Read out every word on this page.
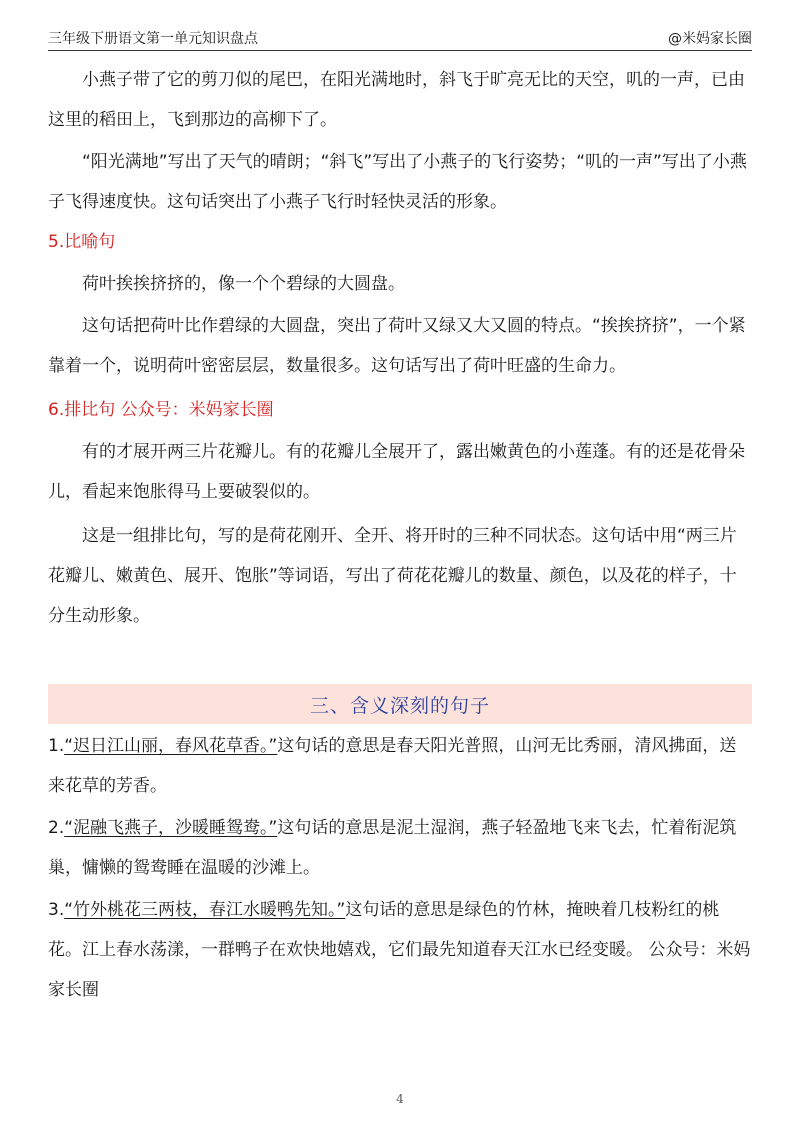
三年级下册语文第一单元知识盘点	@米妈家长圈

小燕子带了它的剪刀似的尾巴，在阳光满地时，斜飞于旷亮无比的天空，叽的一声，已由这里的稻田上，飞到那边的高柳下了。

“阳光满地”写出了天气的晴朗；“斜飞”写出了小燕子的飞行姿势；“叽的一声”写出了小燕子飞得速度快。这句话突出了小燕子飞行时轻快灵活的形象。

5.比喻句

荷叶挨挨挤挤的，像一个个碧绿的大圆盘。

这句话把荷叶比作碧绿的大圆盘，突出了荷叶又绿又大又圆的特点。“挨挨挤挤”，一个紧靠着一个，说明荷叶密密层层，数量很多。这句话写出了荷叶旺盛的生命力。

6.排比句 公众号：米妈家长圈

有的才展开两三片花瓣儿。有的花瓣儿全展开了，露出嫩黄色的小莲蓬。有的还是花骨朵儿，看起来饱胀得马上要破裂似的。

这是一组排比句，写的是荷花刚开、全开、将开时的三种不同状态。这句话中用“两三片花瓣儿、嫩黄色、展开、饱胀”等词语，写出了荷花花瓣儿的数量、颜色，以及花的样子，十分生动形象。

三、含义深刻的句子

1.“迟日江山丽，春风花草香。”这句话的意思是春天阳光普照，山河无比秀丽，清风拂面，送来花草的芳香。

2.“泥融飞燕子，沙暖睡鸳鸯。”这句话的意思是泥土湿润，燕子轻盈地飞来飞去，忙着衔泥筑巢，慵懒的鸳鸯睡在温暖的沙滩上。

3.“竹外桃花三两枝，春江水暖鸭先知。”这句话的意思是绿色的竹林，掩映着几枝粉红的桃花。江上春水荡漾，一群鸭子在欢快地嬉戏，它们最先知道春天江水已经变暖。 公众号：米妈家长圈

4
